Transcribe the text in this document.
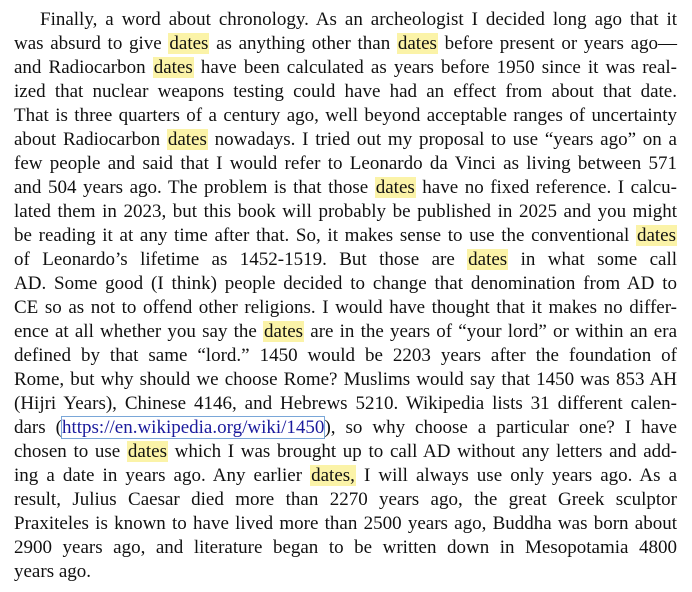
Finally, a word about chronology. As an archeologist I decided long ago that it
was absurd to give dates as anything other than dates before present or years ago—
and Radiocarbon dates have been calculated as years before 1950 since it was real-
ized that nuclear weapons testing could have had an effect from about that date.
That is three quarters of a century ago, well beyond acceptable ranges of uncertainty
about Radiocarbon dates nowadays. I tried out my proposal to use “years ago” on a
few people and said that I would refer to Leonardo da Vinci as living between 571
and 504 years ago. The problem is that those dates have no fixed reference. I calcu-
lated them in 2023, but this book will probably be published in 2025 and you might
be reading it at any time after that. So, it makes sense to use the conventional dates
of Leonardo’s lifetime as 1452-1519. But those are dates in what some call
AD. Some good (I think) people decided to change that denomination from AD to
CE so as not to offend other religions. I would have thought that it makes no differ-
ence at all whether you say the dates are in the years of “your lord” or within an era
defined by that same “lord.” 1450 would be 2203 years after the foundation of
Rome, but why should we choose Rome? Muslims would say that 1450 was 853 AH
(Hijri Years), Chinese 4146, and Hebrews 5210. Wikipedia lists 31 different calen-
dars (https://en.wikipedia.org/wiki/1450), so why choose a particular one? I have
chosen to use dates which I was brought up to call AD without any letters and add-
ing a date in years ago. Any earlier dates, I will always use only years ago. As a
result, Julius Caesar died more than 2270 years ago, the great Greek sculptor
Praxiteles is known to have lived more than 2500 years ago, Buddha was born about
2900 years ago, and literature began to be written down in Mesopotamia 4800
years ago.
